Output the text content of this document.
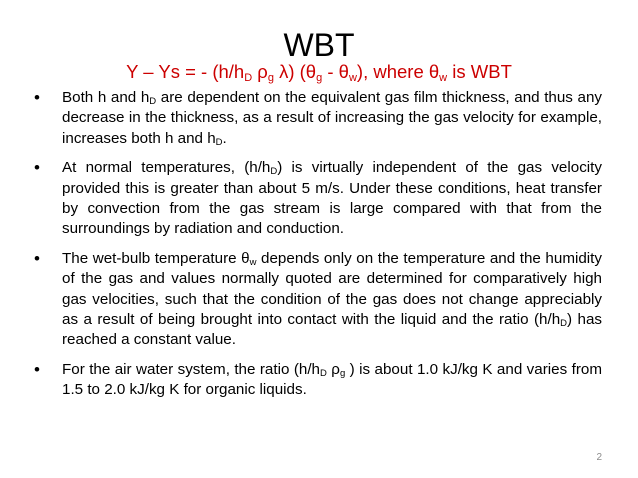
WBT
Y – Ys = - ($h/h_D$ $\rho_g$ λ) $(\theta_g - \theta_w)$, where $\theta_w$ is WBT
• Both h and $h_D$ are dependent on the equivalent gas film thickness, and thus any decrease in the thickness, as a result of increasing the gas velocity for example, increases both h and $h_D$.
• At normal temperatures, $(h/h_D)$ is virtually independent of the gas velocity provided this is greater than about 5 m/s. Under these conditions, heat transfer by convection from the gas stream is large compared with that from the surroundings by radiation and conduction.
• The wet-bulb temperature $\theta_w$ depends only on the temperature and the humidity of the gas and values normally quoted are determined for comparatively high gas velocities, such that the condition of the gas does not change appreciably as a result of being brought into contact with the liquid and the ratio $(h/h_D)$ has reached a constant value.
• For the air water system, the ratio ($h/h_D$ $\rho_g$ ) is about 1.0 kJ/kg K and varies from 1.5 to 2.0 kJ/kg K for organic liquids.
2
